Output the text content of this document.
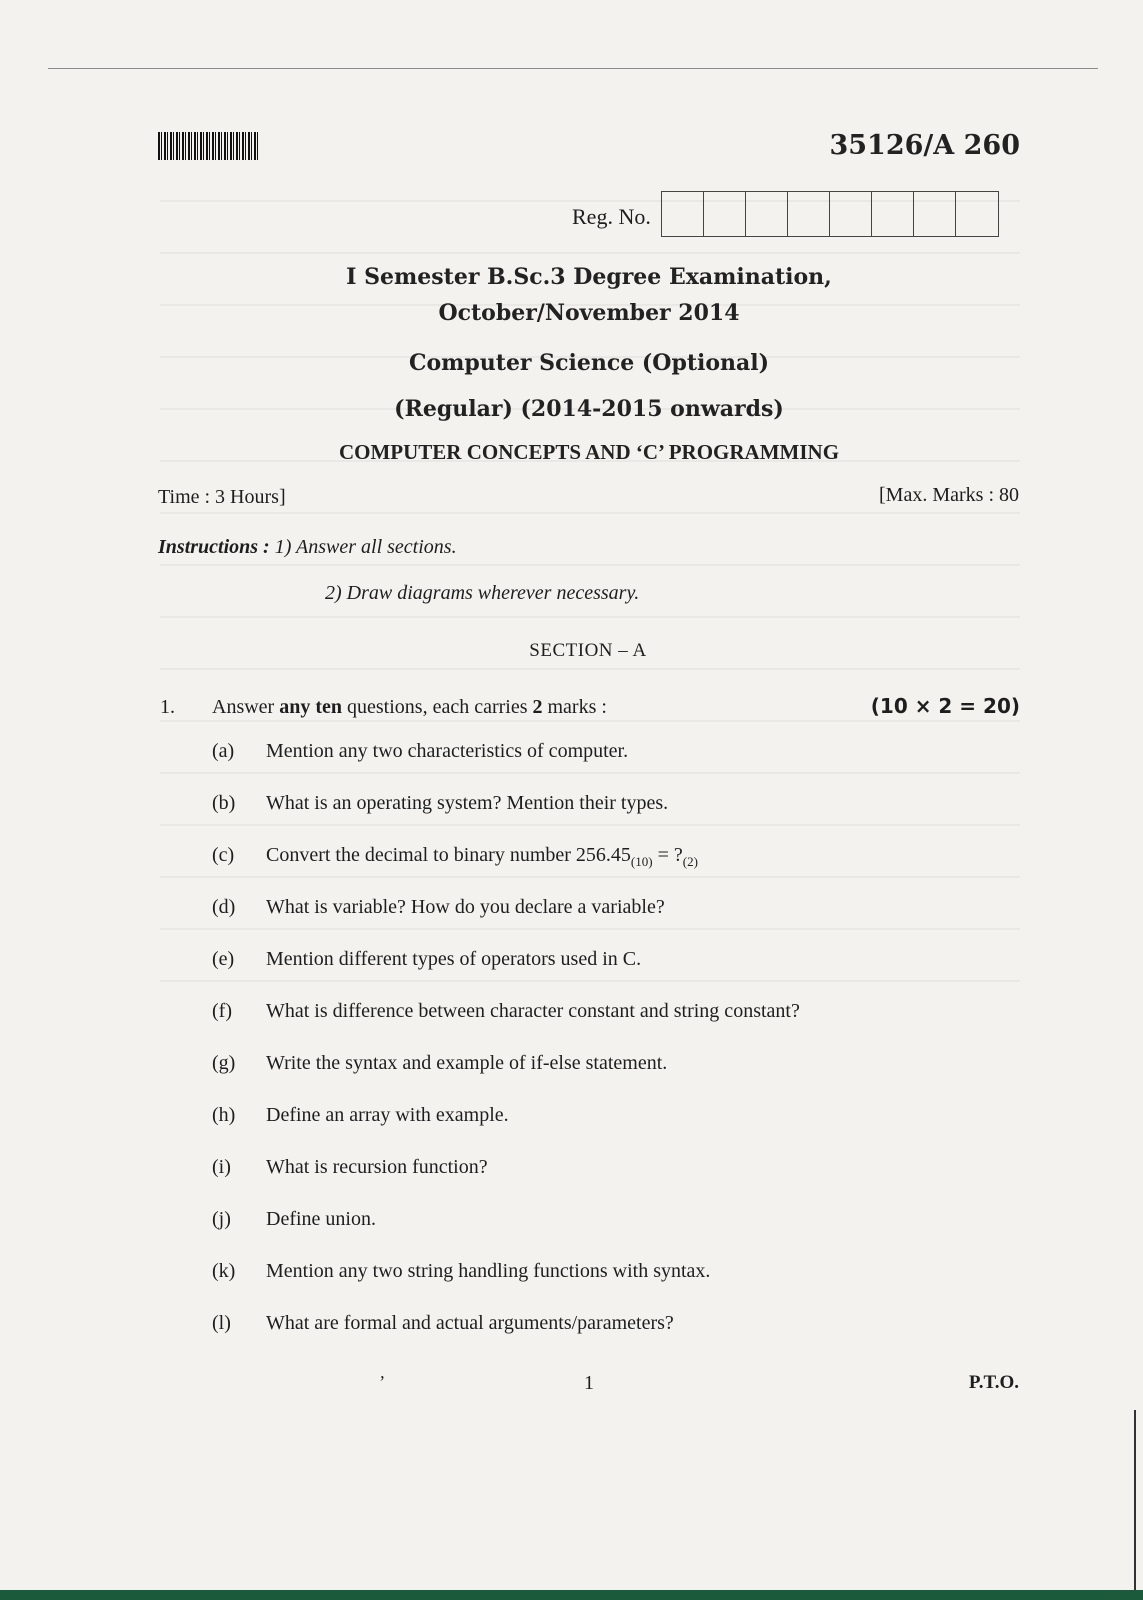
35126/A 260
Reg. No.
I Semester B.Sc.3 Degree Examination,
October/November 2014
Computer Science (Optional)
(Regular) (2014-2015 onwards)
COMPUTER CONCEPTS AND ‘C’ PROGRAMMING
Time : 3 Hours]	[Max. Marks : 80
Instructions : 1) Answer all sections.
2) Draw diagrams wherever necessary.
SECTION – A
1. Answer any ten questions, each carries 2 marks :	(10 × 2 = 20)
(a)	Mention any two characteristics of computer.
(b)	What is an operating system? Mention their types.
(c)	Convert the decimal to binary number $256.45_{(10)}$ = $?_{(2)}$
(d)	What is variable? How do you declare a variable?
(e)	Mention different types of operators used in C.
(f)	What is difference between character constant and string constant?
(g)	Write the syntax and example of if-else statement.
(h)	Define an array with example.
(i)	What is recursion function?
(j)	Define union.
(k)	Mention any two string handling functions with syntax.
(l)	What are formal and actual arguments/parameters?
ʼ	1	P.T.O.
